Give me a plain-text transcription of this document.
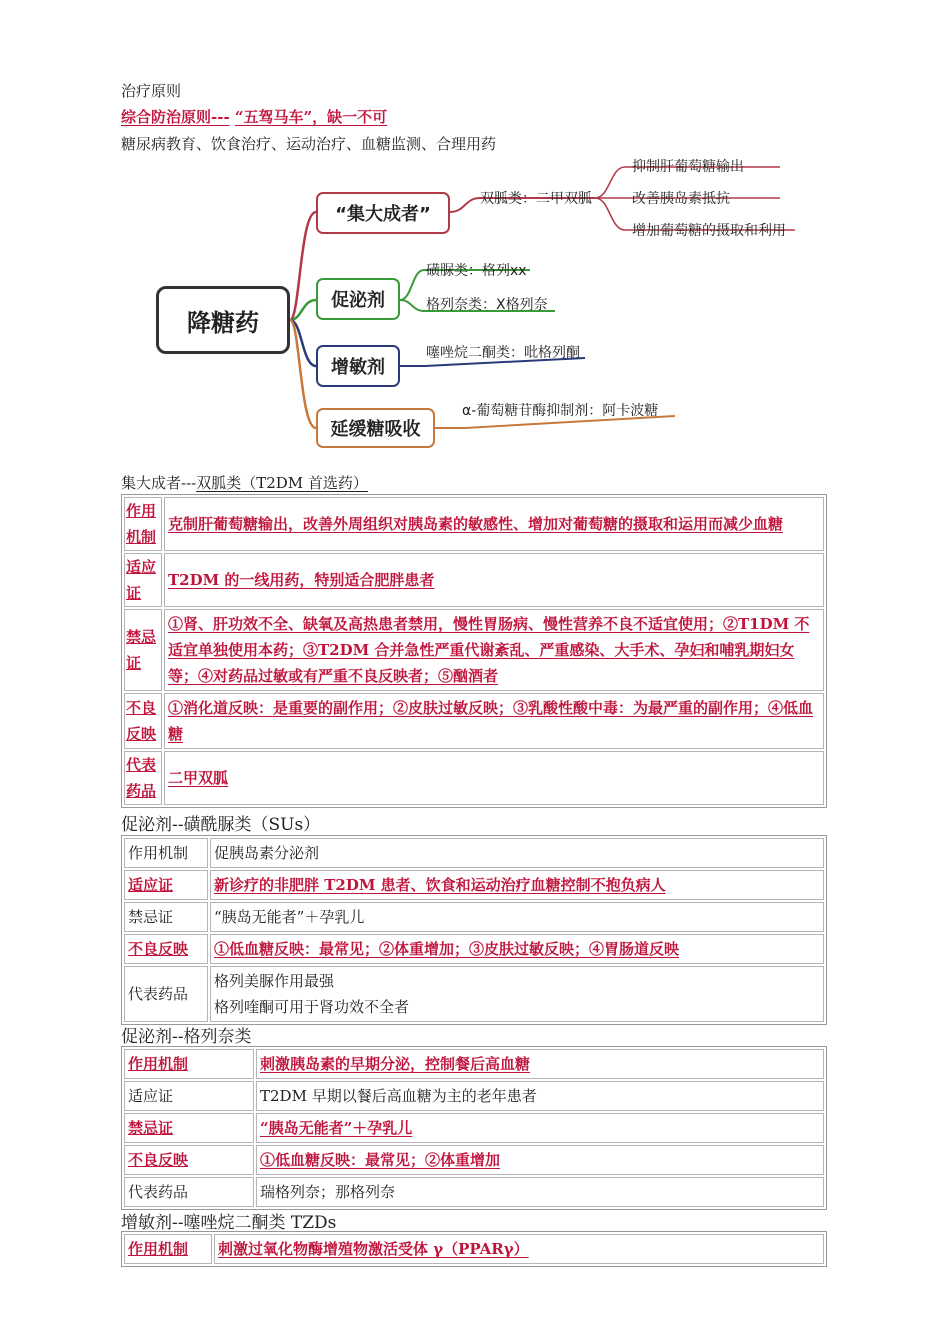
治疗原则
综合防治原则--- “五驾马车”，缺一不可
糖尿病教育、饮食治疗、运动治疗、血糖监测、合理用药
降糖药
“集大成者”
双胍类：二甲双胍
抑制肝葡萄糖输出
改善胰岛素抵抗
增加葡萄糖的摄取和利用
促泌剂
磺脲类：格列xx
格列奈类：X格列奈
增敏剂
噻唑烷二酮类：吡格列酮
延缓糖吸收
α-葡萄糖苷酶抑制剂：阿卡波糖
集大成者---双胍类（T2DM 首选药）
作用机制	克制肝葡萄糖输出，改善外周组织对胰岛素的敏感性、增加对葡萄糖的摄取和运用而减少血糖
适应证	T2DM 的一线用药，特别适合肥胖患者
禁忌证	①肾、肝功效不全、缺氧及高热患者禁用，慢性胃肠病、慢性营养不良不适宜使用；②T1DM 不适宜单独使用本药；③T2DM 合并急性严重代谢紊乱、严重感染、大手术、孕妇和哺乳期妇女等；④对药品过敏或有严重不良反映者；⑤酗酒者
不良反映	①消化道反映：是重要的副作用；②皮肤过敏反映；③乳酸性酸中毒：为最严重的副作用；④低血糖
代表药品	二甲双胍
促泌剂--磺酰脲类（SUs）
作用机制	促胰岛素分泌剂
适应证	新诊疗的非肥胖 T2DM 患者、饮食和运动治疗血糖控制不抱负病人
禁忌证	“胰岛无能者”＋孕乳儿
不良反映	①低血糖反映：最常见；②体重增加；③皮肤过敏反映；④胃肠道反映
代表药品	格列美脲作用最强
格列喹酮可用于肾功效不全者
促泌剂--格列奈类
作用机制	刺激胰岛素的早期分泌，控制餐后高血糖
适应证	T2DM 早期以餐后高血糖为主的老年患者
禁忌证	“胰岛无能者”＋孕乳儿
不良反映	①低血糖反映：最常见；②体重增加
代表药品	瑞格列奈；那格列奈
增敏剂--噻唑烷二酮类 TZDs
作用机制	刺激过氧化物酶增殖物激活受体 γ（PPARγ）
